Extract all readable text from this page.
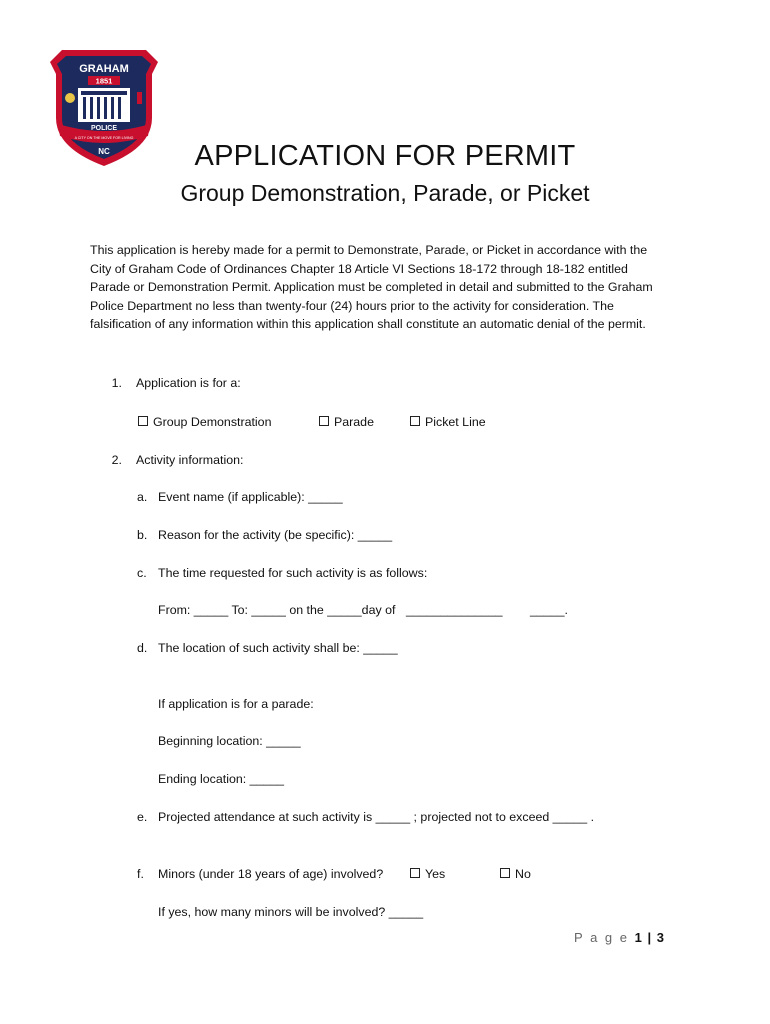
GRAHAM
1851
POLICE
A CITY ON THE MOVE FOR LIVING
NC	APPLICATION FOR PERMIT
Group Demonstration, Parade, or Picket
This application is hereby made for a permit to Demonstrate, Parade, or Picket in accordance with the
City of Graham Code of Ordinances Chapter 18 Article VI Sections 18-172 through 18-182 entitled
Parade or Demonstration Permit. Application must be completed in detail and submitted to the Graham
Police Department no less than twenty-four (24) hours prior to the activity for consideration. The
falsification of any information within this application shall constitute an automatic denial of the permit.
1. Application is for a:
Group Demonstration	Parade	Picket Line
2. Activity information:
a. Event name (if applicable): _____
b. Reason for the activity (be specific): _____
c. The time requested for such activity is as follows:
From: _____ To: _____ on the _____day of ______________ _____.
d. The location of such activity shall be: _____
If application is for a parade:
Beginning location: _____
Ending location: _____
e. Projected attendance at such activity is _____ ; projected not to exceed _____ .
f. Minors (under 18 years of age) involved?	Yes	No
If yes, how many minors will be involved? _____
P a g e 1 | 3
